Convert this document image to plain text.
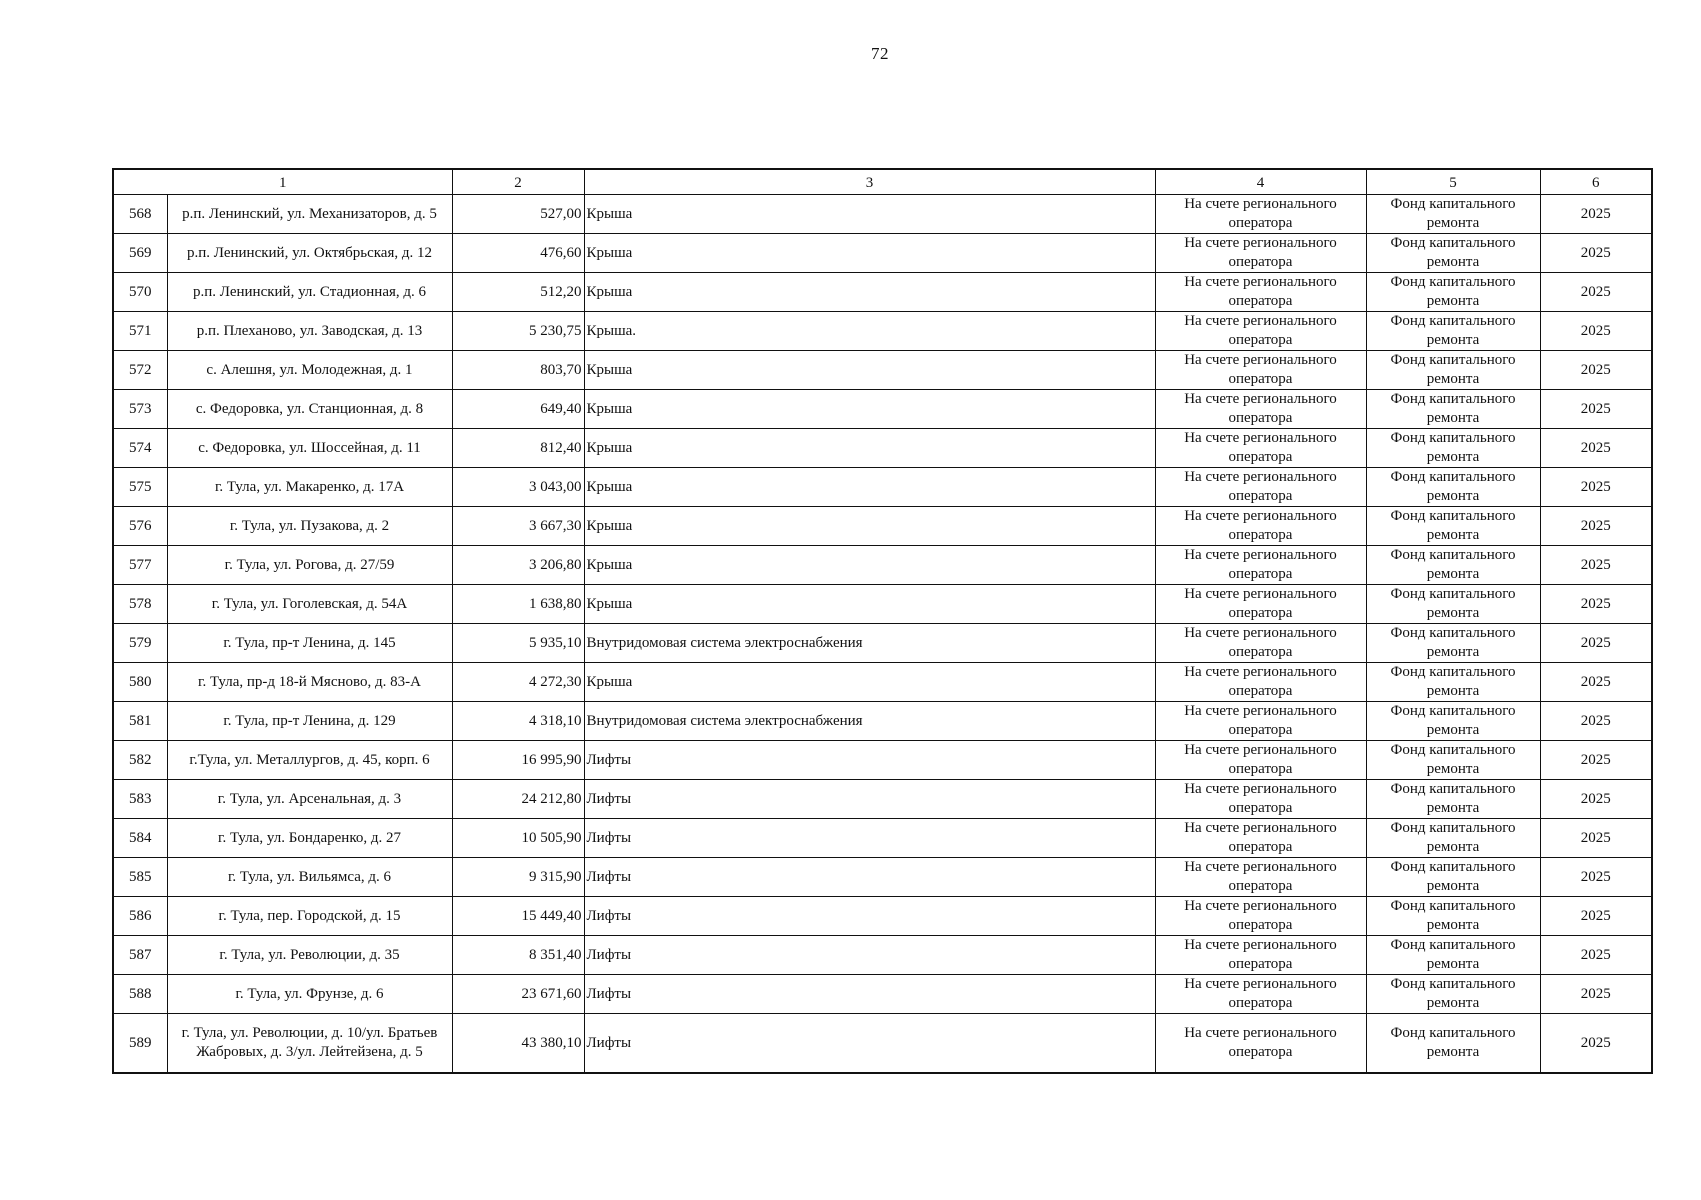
72
1		2	3	4	5	6
568	р.п. Ленинский, ул. Механизаторов, д. 5	527,00	Крыша	На счете регионального оператора	Фонд капитального ремонта	2025
569	р.п. Ленинский, ул. Октябрьская, д. 12	476,60	Крыша	На счете регионального оператора	Фонд капитального ремонта	2025
570	р.п. Ленинский, ул. Стадионная, д. 6	512,20	Крыша	На счете регионального оператора	Фонд капитального ремонта	2025
571	р.п. Плеханово, ул. Заводская, д. 13	5 230,75	Крыша.	На счете регионального оператора	Фонд капитального ремонта	2025
572	с. Алешня, ул. Молодежная, д. 1	803,70	Крыша	На счете регионального оператора	Фонд капитального ремонта	2025
573	с. Федоровка, ул. Станционная, д. 8	649,40	Крыша	На счете регионального оператора	Фонд капитального ремонта	2025
574	с. Федоровка, ул. Шоссейная, д. 11	812,40	Крыша	На счете регионального оператора	Фонд капитального ремонта	2025
575	г. Тула, ул. Макаренко, д. 17А	3 043,00	Крыша	На счете регионального оператора	Фонд капитального ремонта	2025
576	г. Тула, ул. Пузакова, д. 2	3 667,30	Крыша	На счете регионального оператора	Фонд капитального ремонта	2025
577	г. Тула, ул. Рогова, д. 27/59	3 206,80	Крыша	На счете регионального оператора	Фонд капитального ремонта	2025
578	г. Тула, ул. Гоголевская, д. 54А	1 638,80	Крыша	На счете регионального оператора	Фонд капитального ремонта	2025
579	г. Тула, пр-т Ленина, д. 145	5 935,10	Внутридомовая система электроснабжения	На счете регионального оператора	Фонд капитального ремонта	2025
580	г. Тула, пр-д 18-й Мясново, д. 83-А	4 272,30	Крыша	На счете регионального оператора	Фонд капитального ремонта	2025
581	г. Тула, пр-т Ленина, д. 129	4 318,10	Внутридомовая система электроснабжения	На счете регионального оператора	Фонд капитального ремонта	2025
582	г.Тула, ул. Металлургов, д. 45, корп. 6	16 995,90	Лифты	На счете регионального оператора	Фонд капитального ремонта	2025
583	г. Тула, ул. Арсенальная, д. 3	24 212,80	Лифты	На счете регионального оператора	Фонд капитального ремонта	2025
584	г. Тула, ул. Бондаренко, д. 27	10 505,90	Лифты	На счете регионального оператора	Фонд капитального ремонта	2025
585	г. Тула, ул. Вильямса, д. 6	9 315,90	Лифты	На счете регионального оператора	Фонд капитального ремонта	2025
586	г. Тула, пер. Городской, д. 15	15 449,40	Лифты	На счете регионального оператора	Фонд капитального ремонта	2025
587	г. Тула, ул. Революции, д. 35	8 351,40	Лифты	На счете регионального оператора	Фонд капитального ремонта	2025
588	г. Тула, ул. Фрунзе, д. 6	23 671,60	Лифты	На счете регионального оператора	Фонд капитального ремонта	2025
589	г. Тула, ул. Революции, д. 10/ул. Братьев Жабровых, д. 3/ул. Лейтейзена, д. 5	43 380,10	Лифты	На счете регионального оператора	Фонд капитального ремонта	2025
